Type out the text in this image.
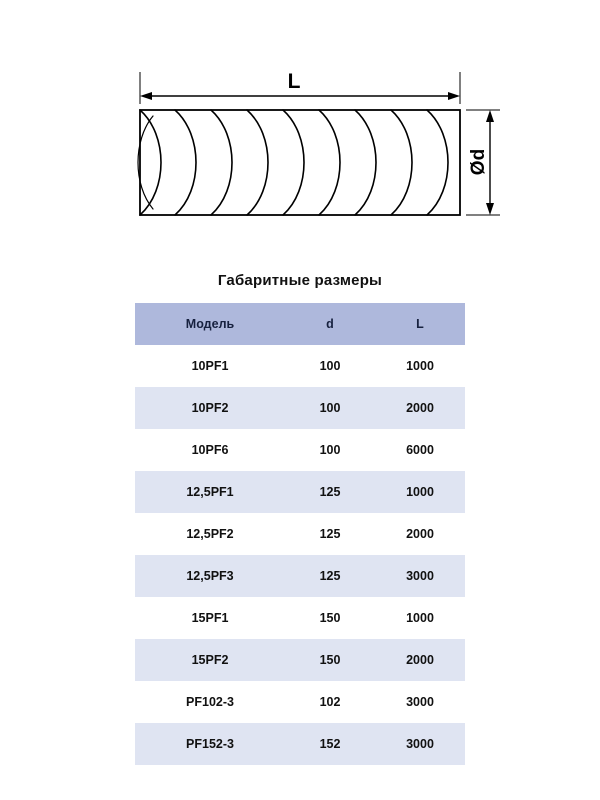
L
Ød
Габаритные размеры
Модель	d	L
10PF1	100	1000
10PF2	100	2000
10PF6	100	6000
12,5PF1	125	1000
12,5PF2	125	2000
12,5PF3	125	3000
15PF1	150	1000
15PF2	150	2000
PF102-3	102	3000
PF152-3	152	3000
